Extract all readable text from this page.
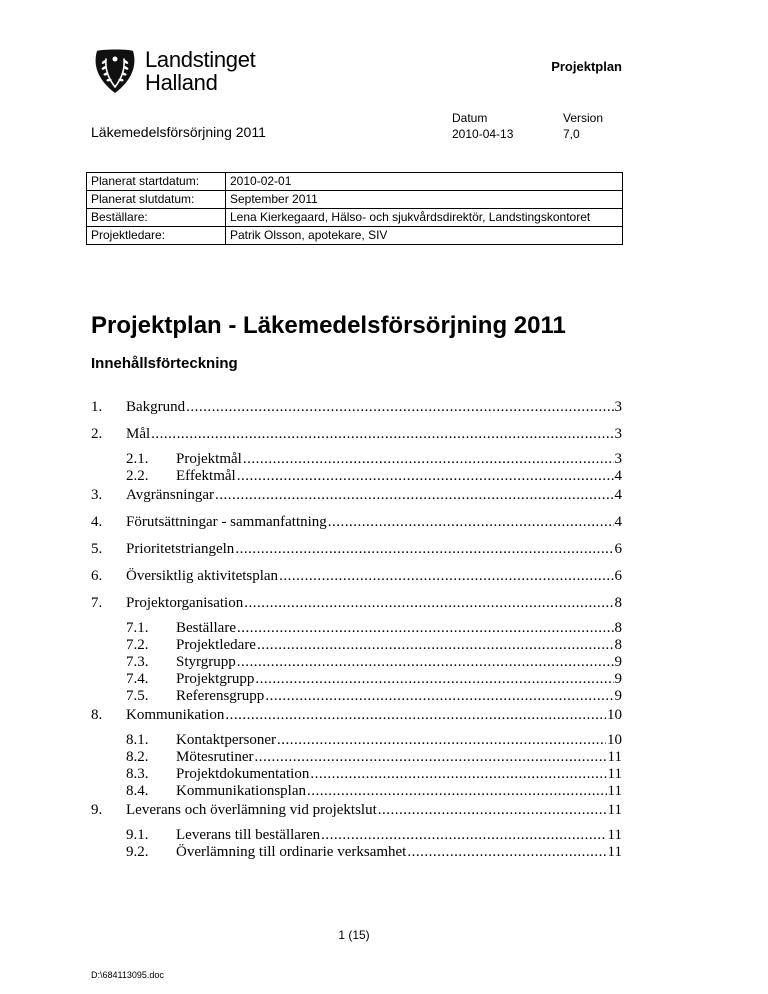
Landstinget
Halland
Projektplan
Läkemedelsförsörjning 2011
Datum
2010-04-13
Version
7,0
Planerat startdatum:	2010-02-01
Planerat slutdatum:	September 2011
Beställare:	Lena Kierkegaard, Hälso- och sjukvårdsdirektör, Landstingskontoret
Projektledare:	Patrik Olsson, apotekare, SIV
Projektplan - Läkemedelsförsörjning 2011
Innehållsförteckning
1.	Bakgrund .....	3
2.	Mål .....	3
2.1.	Projektmål .....	3
2.2.	Effektmål .....	4
3.	Avgränsningar .....	4
4.	Förutsättningar - sammanfattning .....	4
5.	Prioritetstriangeln .....	6
6.	Översiktlig aktivitetsplan .....	6
7.	Projektorganisation .....	8
7.1.	Beställare .....	8
7.2.	Projektledare .....	8
7.3.	Styrgrupp .....	9
7.4.	Projektgrupp .....	9
7.5.	Referensgrupp .....	9
8.	Kommunikation .....	10
8.1.	Kontaktpersoner .....	10
8.2.	Mötesrutiner .....	11
8.3.	Projektdokumentation .....	11
8.4.	Kommunikationsplan .....	11
9.	Leverans och överlämning vid projektslut .....	11
9.1.	Leverans till beställaren .....	11
9.2.	Överlämning till ordinarie verksamhet .....	11
1 (15)
D:\684113095.doc
